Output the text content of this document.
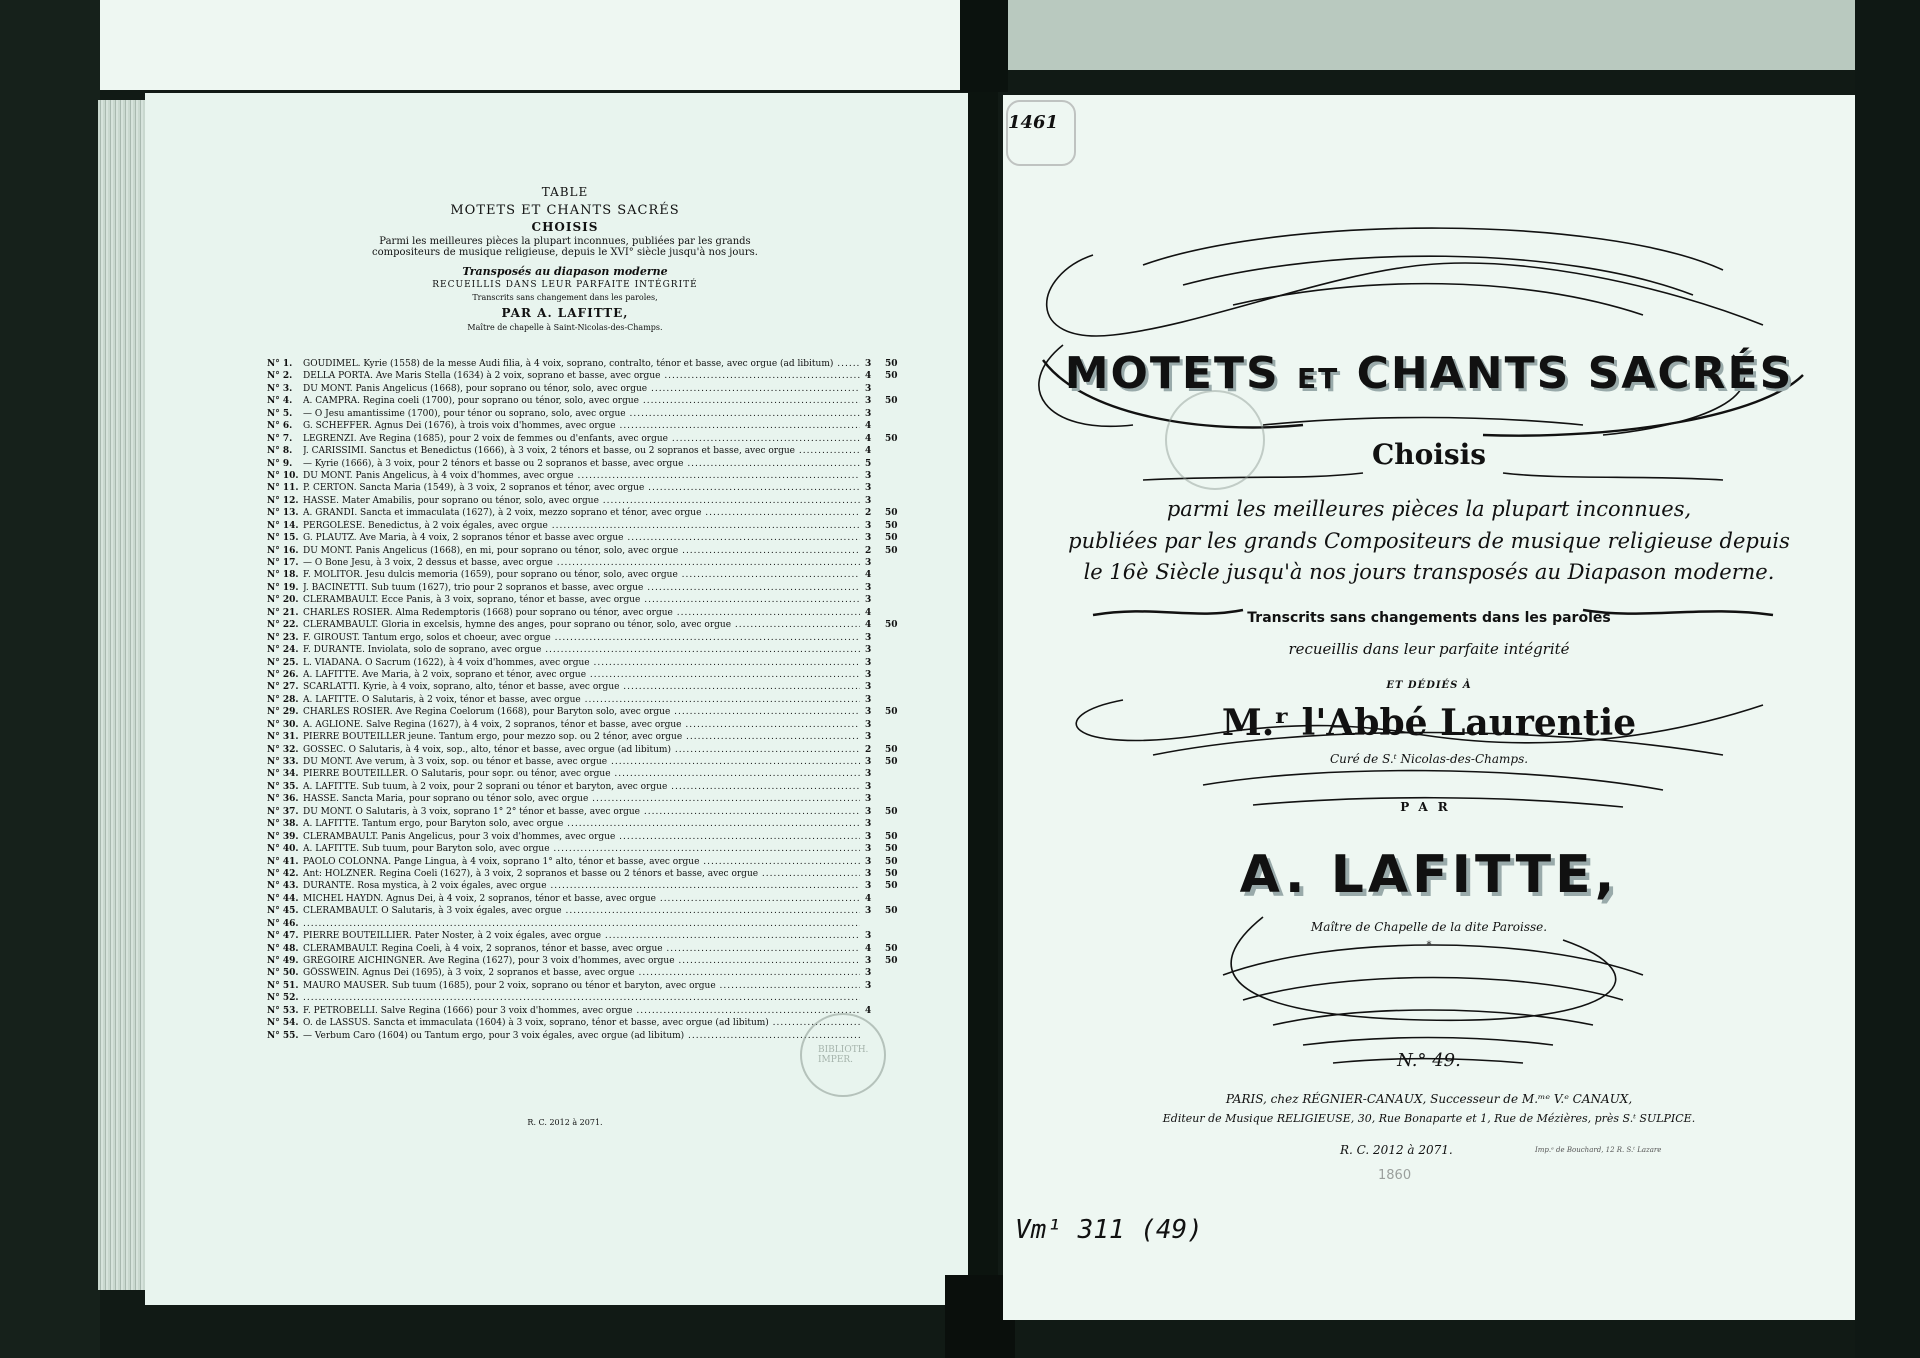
TABLE
MOTETS ET CHANTS SACRÉS
CHOISIS
Parmi les meilleures pièces la plupart inconnues, publiées par les grands compositeurs de musique religieuse, depuis le XVI° siècle jusqu'à nos jours.
Transposés au diapason moderne
RECUEILLIS DANS LEUR PARFAITE INTÉGRITÉ
Transcrits sans changement dans les paroles,
PAR A. LAFITTE,
Maître de chapelle à Saint-Nicolas-des-Champs.
N° 1.	GOUDIMEL. Kyrie (1558) de la messe Audi filia, à 4 voix, soprano, contralto, ténor et basse, avec orgue (ad libitum) .....	3	50
N° 2.	DELLA PORTA. Ave Maris Stella (1634) à 2 voix, soprano et basse, avec orgue .....	4	50
N° 3.	DU MONT. Panis Angelicus (1668), pour soprano ou ténor, solo, avec orgue .....	3
N° 4.	A. CAMPRA. Regina coeli (1700), pour soprano ou ténor, solo, avec orgue .....	3	50
N° 5.	— O Jesu amantissime (1700), pour ténor ou soprano, solo, avec orgue .....	3
N° 6.	G. SCHEFFER. Agnus Dei (1676), à trois voix d'hommes, avec orgue .....	4
N° 7.	LEGRENZI. Ave Regina (1685), pour 2 voix de femmes ou d'enfants, avec orgue .....	4	50
N° 8.	J. CARISSIMI. Sanctus et Benedictus (1666), à 3 voix, 2 ténors et basse, ou 2 sopranos et basse, avec orgue .....	4
N° 9.	— Kyrie (1666), à 3 voix, pour 2 ténors et basse ou 2 sopranos et basse, avec orgue .....	5
N° 10. DU MONT. Panis Angelicus, à 4 voix d'hommes, avec orgue .....	3
N° 11. P. CERTON. Sancta Maria (1549), à 3 voix, 2 sopranos et ténor, avec orgue .....	3
N° 12. HASSE. Mater Amabilis, pour soprano ou ténor, solo, avec orgue .....	3
N° 13. A. GRANDI. Sancta et immaculata (1627), à 2 voix, mezzo soprano et ténor, avec orgue .....	2	50
N° 14. PERGOLÈSE. Benedictus, à 2 voix égales, avec orgue .....	3	50
N° 15. G. PLAUTZ. Ave Maria, à 4 voix, 2 sopranos ténor et basse avec orgue .....	3	50
N° 16. DU MONT. Panis Angelicus (1668), en mi, pour soprano ou ténor, solo, avec orgue .....	2	50
N° 17. — O Bone Jesu, à 3 voix, 2 dessus et basse, avec orgue .....	3
N° 18. F. MOLITOR. Jesu dulcis memoria (1659), pour soprano ou ténor, solo, avec orgue .....	4
N° 19. J. BACINETTI. Sub tuum (1627), trio pour 2 sopranos et basse, avec orgue .....	3
N° 20. CLERAMBAULT. Ecce Panis, à 3 voix, soprano, ténor et basse, avec orgue .....	3
N° 21. CHARLES ROSIER. Alma Redemptoris (1668) pour soprano ou ténor, avec orgue .....	4
N° 22. CLERAMBAULT. Gloria in excelsis, hymne des anges, pour soprano ou ténor, solo, avec orgue .....	4	50
N° 23. F. GIROUST. Tantum ergo, solos et choeur, avec orgue .....	3
N° 24. F. DURANTE. Inviolata, solo de soprano, avec orgue .....	3
N° 25. L. VIADANA. O Sacrum (1622), à 4 voix d'hommes, avec orgue .....	3
N° 26. A. LAFITTE. Ave Maria, à 2 voix, soprano et ténor, avec orgue .....	3
N° 27. SCARLATTI. Kyrie, à 4 voix, soprano, alto, ténor et basse, avec orgue .....	3
N° 28. A. LAFITTE. O Salutaris, à 2 voix, ténor et basse, avec orgue .....	3
N° 29. CHARLES ROSIER. Ave Regina Coelorum (1668), pour Baryton solo, avec orgue .....	3	50
N° 30. A. AGLIONE. Salve Regina (1627), à 4 voix, 2 sopranos, ténor et basse, avec orgue .....	3
N° 31. PIERRE BOUTEILLER jeune. Tantum ergo, pour mezzo sop. ou 2 ténor, avec orgue .....	3
N° 32. GOSSEC. O Salutaris, à 4 voix, sop., alto, ténor et basse, avec orgue (ad libitum) .....	2	50
N° 33. DU MONT. Ave verum, à 3 voix, sop. ou ténor et basse, avec orgue .....	3	50
N° 34. PIERRE BOUTEILLER. O Salutaris, pour sopr. ou ténor, avec orgue .....	3
N° 35. A. LAFITTE. Sub tuum, à 2 voix, pour 2 soprani ou ténor et baryton, avec orgue .....	3
N° 36. HASSE. Sancta Maria, pour soprano ou ténor solo, avec orgue .....	3
N° 37. DU MONT. O Salutaris, à 3 voix, soprano 1° 2° ténor et basse, avec orgue .....	3	50
N° 38. A. LAFITTE. Tantum ergo, pour Baryton solo, avec orgue .....	3
N° 39. CLERAMBAULT. Panis Angelicus, pour 3 voix d'hommes, avec orgue .....	3	50
N° 40. A. LAFITTE. Sub tuum, pour Baryton solo, avec orgue .....	3	50
N° 41. PAOLO COLONNA. Pange Lingua, à 4 voix, soprano 1° alto, ténor et basse, avec orgue .....	3	50
N° 42. Ant: HOLZNER. Regina Coeli (1627), à 3 voix, 2 sopranos et basse ou 2 ténors et basse, avec orgue .....	3	50
N° 43. DURANTE. Rosa mystica, à 2 voix égales, avec orgue .....	3	50
N° 44. MICHEL HAYDN. Agnus Dei, à 4 voix, 2 sopranos, ténor et basse, avec orgue .....	4
N° 45. CLERAMBAULT. O Salutaris, à 3 voix égales, avec orgue .....	3	50
N° 46.
.....
N° 47. PIERRE BOUTEILLIER. Pater Noster, à 2 voix égales, avec orgue .....	3
N° 48. CLERAMBAULT. Regina Coeli, à 4 voix, 2 sopranos, ténor et basse, avec orgue .....	4	50
N° 49. GRÉGOIRE AICHINGNER. Ave Regina (1627), pour 3 voix d'hommes, avec orgue .....	3	50
N° 50. GÖSSWEIN. Agnus Dei (1695), à 3 voix, 2 sopranos et basse, avec orgue .....	3
N° 51. MAURO MAUSER. Sub tuum (1685), pour 2 voix, soprano ou ténor et baryton, avec orgue .....	3
N° 52.
.....
N° 53. F. PETROBELLI. Salve Regina (1666) pour 3 voix d'hommes, avec orgue .....	4
N° 54. O. de LASSUS. Sancta et immaculata (1604) à 3 voix, soprano, ténor et basse, avec orgue (ad libitum) .....
N° 55. — Verbum Caro (1604) ou Tantum ergo, pour 3 voix égales, avec orgue (ad libitum) .....
R. C. 2012 à 2071.
BIBLIOTH. IMPER.
1461
MOTETS ET CHANTS SACRÉS
Choisis
parmi les meilleures pièces la plupart inconnues,
publiées par les grands Compositeurs de musique religieuse depuis
le 16è Siècle jusqu'à nos jours transposés au Diapason moderne.
Transcrits sans changements dans les paroles
recueillis dans leur parfaite intégrité
ET DÉDIÉS À
M.ʳ l'Abbé Laurentie
Curé de S.ᵗ Nicolas-des-Champs.
PAR
A. LAFITTE,
Maître de Chapelle de la dite Paroisse.
*
N.° 49.
PARIS, chez RÉGNIER-CANAUX, Successeur de M.ᵐᵉ V.ᵉ CANAUX,
Editeur de Musique RELIGIEUSE, 30, Rue Bonaparte et 1, Rue de Mézières, près S.ᵗ SULPICE.
R. C. 2012 à 2071.	Imp.ᵉ de Bouchard, 12 R. S.ᵗ Lazare
1860
Vm¹ 311 (49)
